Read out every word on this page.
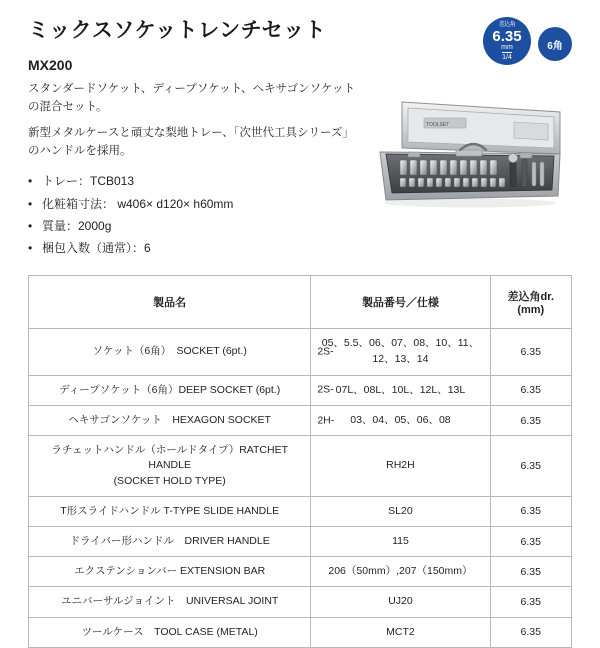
ミックスソケットレンチセット	差込角
6.35
mm
1/4
6角
MX200

スタンダードソケット、ディープソケット、ヘキサゴンソケットの混合セット。

新型メタルケースと頑丈な梨地トレー、「次世代工具シリーズ」のハンドルを採用。

• トレー：TCB013
• 化粧箱寸法： w406× d120× h60mm
• 質量：2000g
• 梱包入数（通常）：6
TOOLSET
製品名	製品番号／仕様	差込角dr.
(mm)

ソケット（6角）　SOCKET (6pt.)	2S-
05、5.5、06、07、08、10、11、
12、13、14	6.35
ディープソケット（6角）DEEP SOCKET (6pt.)	2S- 07L、08L、10L、12L、13L	6.35
ヘキサゴンソケット　HEXAGON SOCKET	2H- 03、04、05、06、08	6.35
ラチェットハンドル（ホールドタイプ）RATCHET HANDLE
(SOCKET HOLD TYPE)	RH2H	6.35
T形スライドハンドル T-TYPE SLIDE HANDLE	SL20	6.35
ドライバー形ハンドル　DRIVER HANDLE	115	6.35
エクステンションバー EXTENSION BAR	206（50mm）,207（150mm）	6.35
ユニバーサルジョイント　UNIVERSAL JOINT	UJ20	6.35
ツールケース　TOOL CASE (METAL)	MCT2	6.35
